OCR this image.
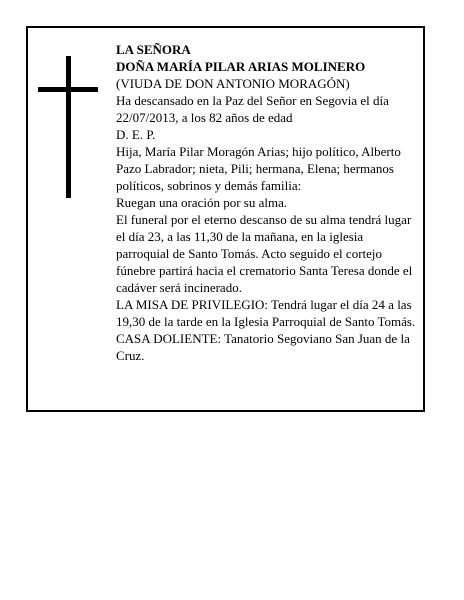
LA SEÑORA

DOÑA MARÍA PILAR ARIAS MOLINERO

(VIUDA DE DON ANTONIO MORAGÓN)

Ha descansado en la Paz del Señor en Segovia el día 22/07/2013, a los 82 años de edad

D. E. P.

Hija, María Pilar Moragón Arias; hijo político, Alberto Pazo Labrador; nieta, Pili; hermana, Elena; hermanos políticos, sobrinos y demás familia:

Ruegan una oración por su alma.

El funeral por el eterno descanso de su alma tendrá lugar el día 23, a las 11,30 de la mañana, en la iglesia parroquial de Santo Tomás. Acto seguido el cortejo fúnebre partirá hacia el crematorio Santa Teresa donde el cadáver será incinerado.

LA MISA DE PRIVILEGIO: Tendrá lugar el día 24 a las 19,30 de la tarde en la Iglesia Parroquial de Santo Tomás. CASA DOLIENTE: Tanatorio Segoviano San Juan de la Cruz.
